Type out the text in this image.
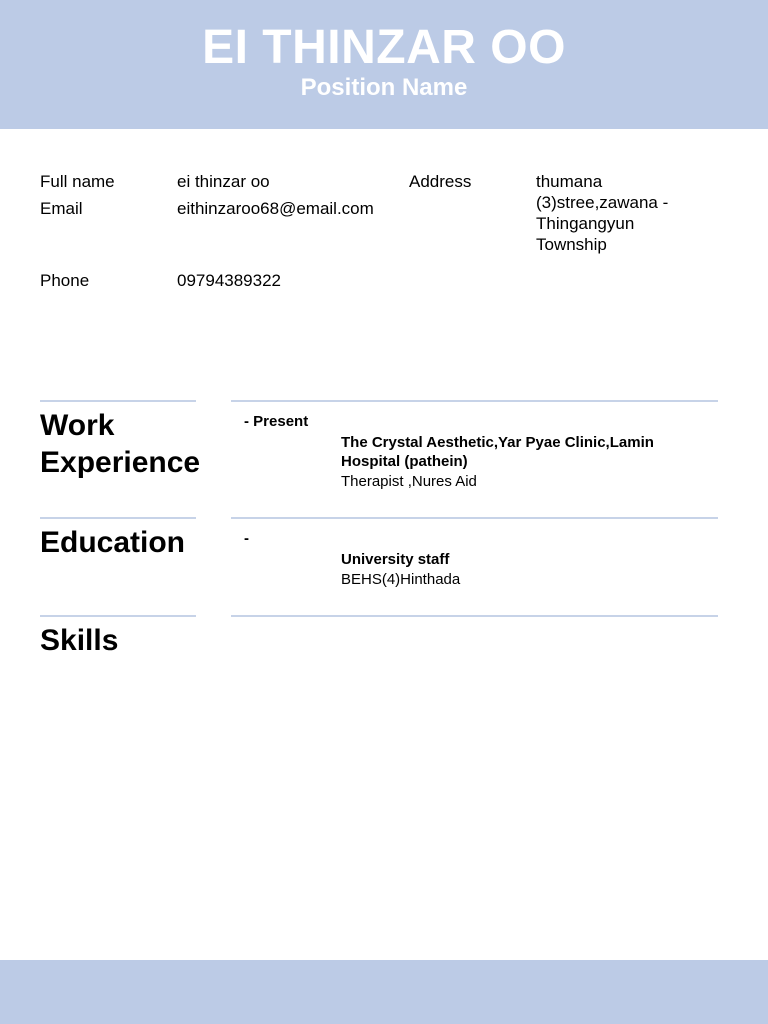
EI THINZAR OO
Position Name
Full name	ei thinzar oo
Email	eithinzaroo68@email.com
Phone	09794389322
Address	thumana (3)stree,zawana -Thingangyun Township
Work Experience
- Present
The Crystal Aesthetic,Yar Pyae Clinic,Lamin Hospital (pathein)
Therapist ,Nures Aid
Education	-
University staff
BEHS(4)Hinthada
Skills
